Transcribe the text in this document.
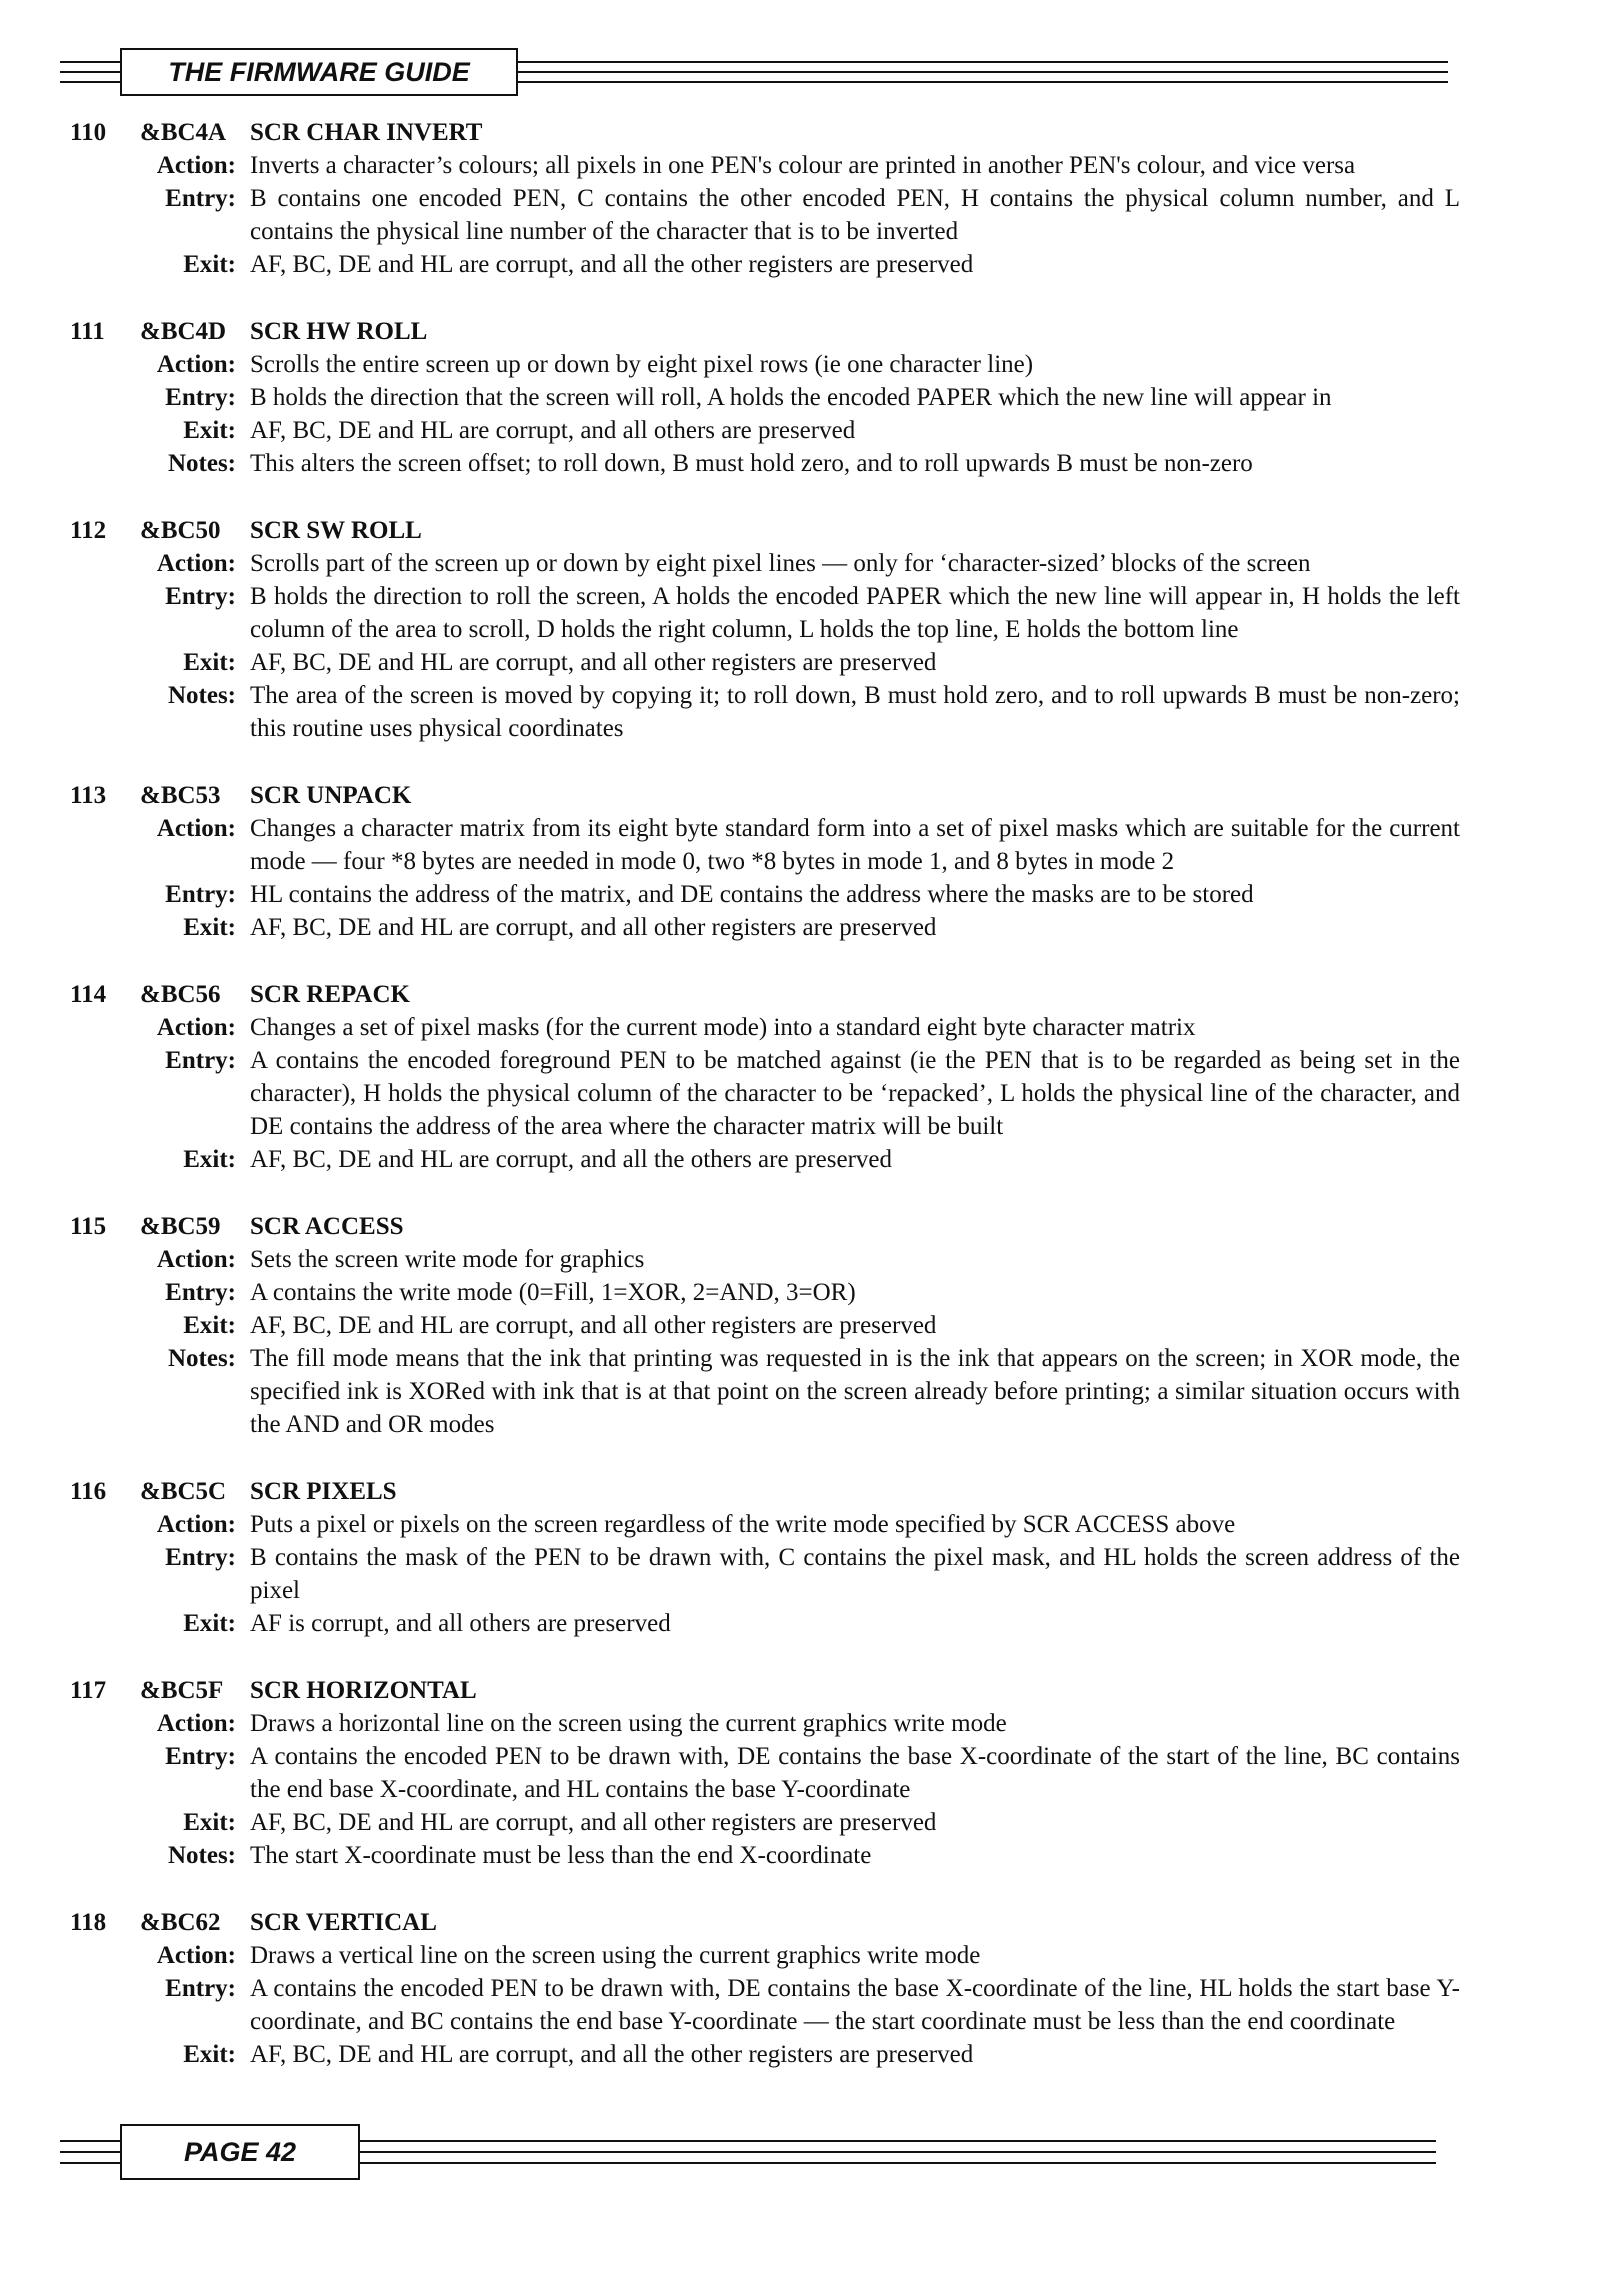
THE FIRMWARE GUIDE
110	&BC4A SCR CHAR INVERT
Action: Inverts a character’s colours; all pixels in one PEN's colour are printed in another PEN's colour, and vice versa
Entry: B contains one encoded PEN, C contains the other encoded PEN, H contains the physical column number, and L contains the physical line number of the character that is to be inverted
Exit: AF, BC, DE and HL are corrupt, and all the other registers are preserved
111	&BC4D SCR HW ROLL
Action: Scrolls the entire screen up or down by eight pixel rows (ie one character line)
Entry: B holds the direction that the screen will roll, A holds the encoded PAPER which the new line will appear in
Exit: AF, BC, DE and HL are corrupt, and all others are preserved
Notes: This alters the screen offset; to roll down, B must hold zero, and to roll upwards B must be non-zero
112	&BC50	SCR SW ROLL
Action: Scrolls part of the screen up or down by eight pixel lines — only for ‘character-sized’ blocks of the screen
Entry: B holds the direction to roll the screen, A holds the encoded PAPER which the new line will appear in, H holds the left column of the area to scroll, D holds the right column, L holds the top line, E holds the bottom line
Exit: AF, BC, DE and HL are corrupt, and all other registers are preserved
Notes: The area of the screen is moved by copying it; to roll down, B must hold zero, and to roll upwards B must be non-zero; this routine uses physical coordinates
113	&BC53	SCR UNPACK
Action: Changes a character matrix from its eight byte standard form into a set of pixel masks which are suitable for the current mode — four *8 bytes are needed in mode 0, two *8 bytes in mode 1, and 8 bytes in mode 2
Entry: HL contains the address of the matrix, and DE contains the address where the masks are to be stored
Exit: AF, BC, DE and HL are corrupt, and all other registers are preserved
114	&BC56	SCR REPACK
Action: Changes a set of pixel masks (for the current mode) into a standard eight byte character matrix
Entry: A contains the encoded foreground PEN to be matched against (ie the PEN that is to be regarded as being set in the character), H holds the physical column of the character to be ‘repacked’, L holds the physical line of the character, and DE contains the address of the area where the character matrix will be built
Exit: AF, BC, DE and HL are corrupt, and all the others are preserved
115	&BC59	SCR ACCESS
Action: Sets the screen write mode for graphics
Entry: A contains the write mode (0=Fill, 1=XOR, 2=AND, 3=OR)
Exit: AF, BC, DE and HL are corrupt, and all other registers are preserved
Notes: The fill mode means that the ink that printing was requested in is the ink that appears on the screen; in XOR mode, the specified ink is XORed with ink that is at that point on the screen already before printing; a similar situation occurs with the AND and OR modes
116	&BC5C SCR PIXELS
Action: Puts a pixel or pixels on the screen regardless of the write mode specified by SCR ACCESS above
Entry: B contains the mask of the PEN to be drawn with, C contains the pixel mask, and HL holds the screen address of the pixel
Exit: AF is corrupt, and all others are preserved
117	&BC5F	SCR HORIZONTAL
Action: Draws a horizontal line on the screen using the current graphics write mode
Entry: A contains the encoded PEN to be drawn with, DE contains the base X-coordinate of the start of the line, BC contains the end base X-coordinate, and HL contains the base Y-coordinate
Exit: AF, BC, DE and HL are corrupt, and all other registers are preserved
Notes: The start X-coordinate must be less than the end X-coordinate
118	&BC62	SCR VERTICAL
Action: Draws a vertical line on the screen using the current graphics write mode
Entry: A contains the encoded PEN to be drawn with, DE contains the base X-coordinate of the line, HL holds the start base Y-coordinate, and BC contains the end base Y-coordinate — the start coordinate must be less than the end coordinate
Exit: AF, BC, DE and HL are corrupt, and all the other registers are preserved
PAGE 42
